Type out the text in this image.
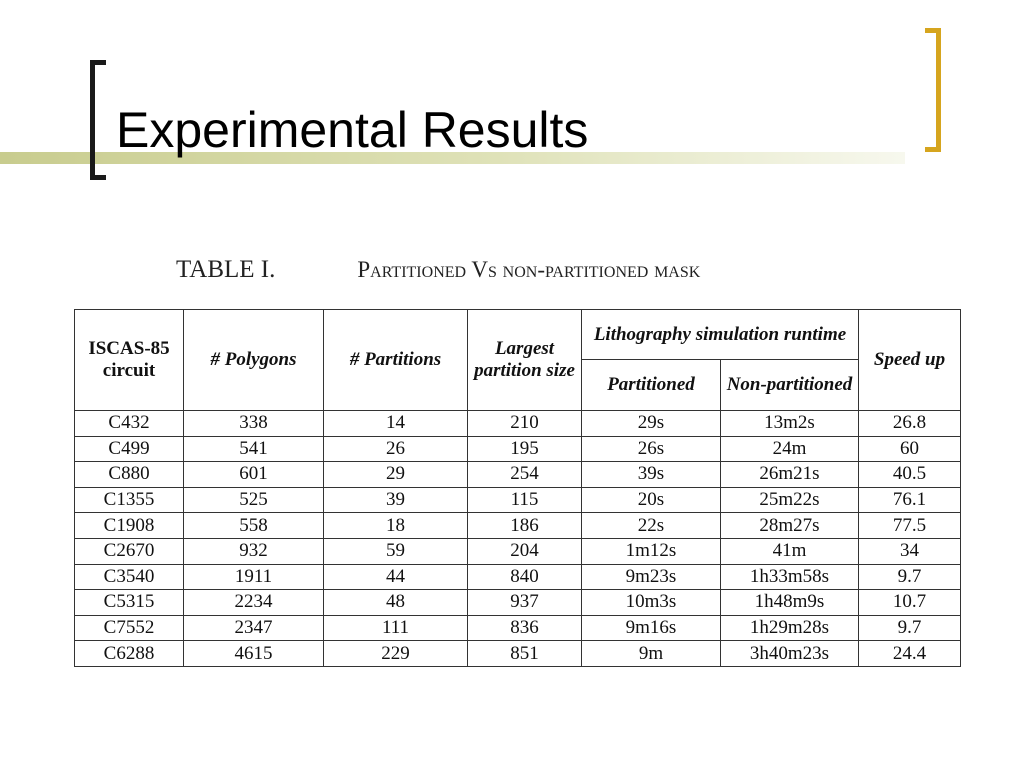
Experimental Results
TABLE I.	Partitioned Vs non-partitioned mask
ISCAS-85 circuit	# Polygons	# Partitions	Largest partition size	Lithography simulation runtime		Speed up
				Partitioned	Non-partitioned	
C432	338	14	210	29s	13m2s	26.8
C499	541	26	195	26s	24m	60
C880	601	29	254	39s	26m21s	40.5
C1355	525	39	115	20s	25m22s	76.1
C1908	558	18	186	22s	28m27s	77.5
C2670	932	59	204	1m12s	41m	34
C3540	1911	44	840	9m23s	1h33m58s	9.7
C5315	2234	48	937	10m3s	1h48m9s	10.7
C7552	2347	111	836	9m16s	1h29m28s	9.7
C6288	4615	229	851	9m	3h40m23s	24.4
